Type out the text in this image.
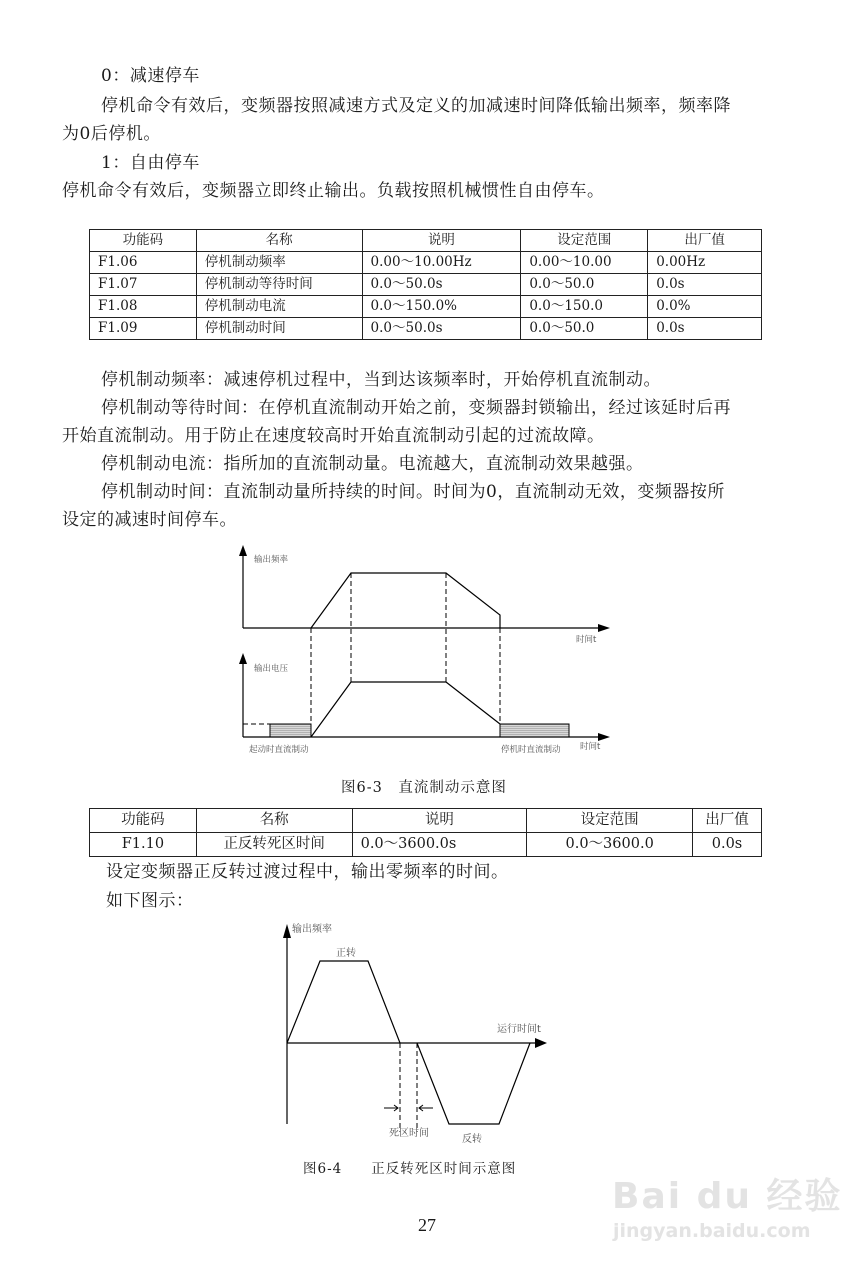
0：减速停车
停机命令有效后，变频器按照减速方式及定义的加减速时间降低输出频率，频率降
为0后停机。
1：自由停车
停机命令有效后，变频器立即终止输出。负载按照机械惯性自由停车。
功能码	名称	说明	设定范围	出厂值
F1.06	停机制动频率	0.00～10.00Hz	0.00～10.00	0.00Hz
F1.07	停机制动等待时间	0.0～50.0s	0.0～50.0	0.0s
F1.08	停机制动电流	0.0～150.0%	0.0～150.0	0.0%
F1.09	停机制动时间	0.0～50.0s	0.0～50.0	0.0s
停机制动频率：减速停机过程中，当到达该频率时，开始停机直流制动。
停机制动等待时间：在停机直流制动开始之前，变频器封锁输出，经过该延时后再
开始直流制动。用于防止在速度较高时开始直流制动引起的过流故障。
停机制动电流：指所加的直流制动量。电流越大，直流制动效果越强。
停机制动时间：直流制动量所持续的时间。时间为0，直流制动无效，变频器按所
设定的减速时间停车。
输出频率
时间t
输出电压
时间t
起动时直流制动	停机时直流制动
图6-3　直流制动示意图
功能码	名称	说明	设定范围	出厂值
F1.10	正反转死区时间	0.0～3600.0s	0.0～3600.0	0.0s
设定变频器正反转过渡过程中，输出零频率的时间。
如下图示：
输出频率
运行时间t
正转
反转
死区时间
图6-4　　正反转死区时间示意图
27
Bai du 经验
jingyan.baidu.com
